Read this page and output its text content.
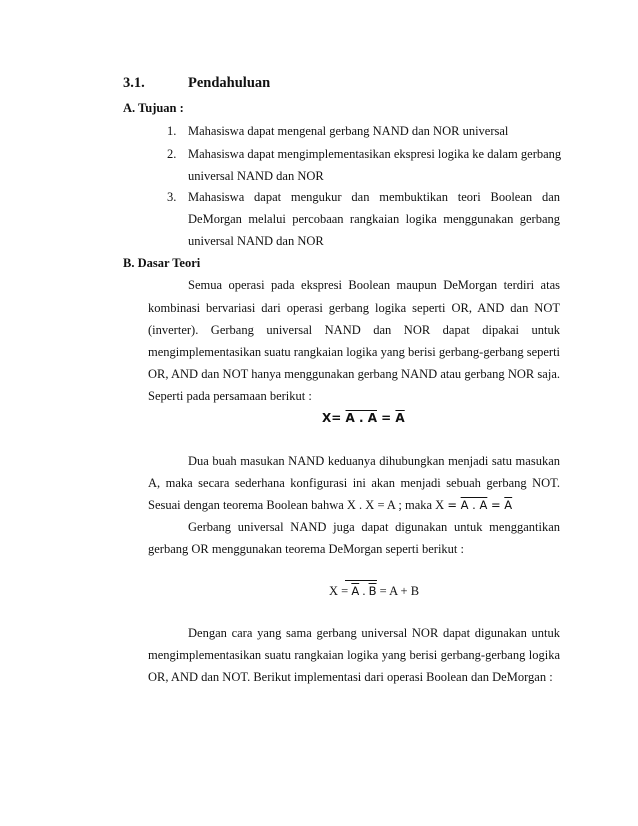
3.1.	Pendahuluan
A. Tujuan :
1. Mahasiswa dapat mengenal gerbang NAND dan NOR universal
2. Mahasiswa dapat mengimplementasikan ekspresi logika ke dalam gerbang
universal NAND dan NOR
3. Mahasiswa dapat mengukur dan membuktikan teori Boolean dan
DeMorgan melalui percobaan rangkaian logika menggunakan gerbang
universal NAND dan NOR
B. Dasar Teori
Semua operasi pada ekspresi Boolean maupun DeMorgan terdiri atas
kombinasi bervariasi dari operasi gerbang logika seperti OR, AND dan NOT
(inverter). Gerbang universal NAND dan NOR dapat dipakai untuk
mengimplementasikan suatu rangkaian logika yang berisi gerbang-gerbang seperti
OR, AND dan NOT hanya menggunakan gerbang NAND atau gerbang NOR saja.
Seperti pada persamaan berikut :
X= A . $A = \overline{A}$
Dua buah masukan NAND keduanya dihubungkan menjadi satu masukan
A, maka secara sederhana konfigurasi ini akan menjadi sebuah gerbang NOT.
Sesuai dengan teorema Boolean bahwa X . X = A ; maka X = A . $A = \overline{A}$
Gerbang universal NAND juga dapat digunakan untuk menggantikan
gerbang OR menggunakan teorema DeMorgan seperti berikut :
$X = \overline{A}$ . $\overline{B} = A + B$
Dengan cara yang sama gerbang universal NOR dapat digunakan untuk
mengimplementasikan suatu rangkaian logika yang berisi gerbang-gerbang logika
OR, AND dan NOT. Berikut implementasi dari operasi Boolean dan DeMorgan :
